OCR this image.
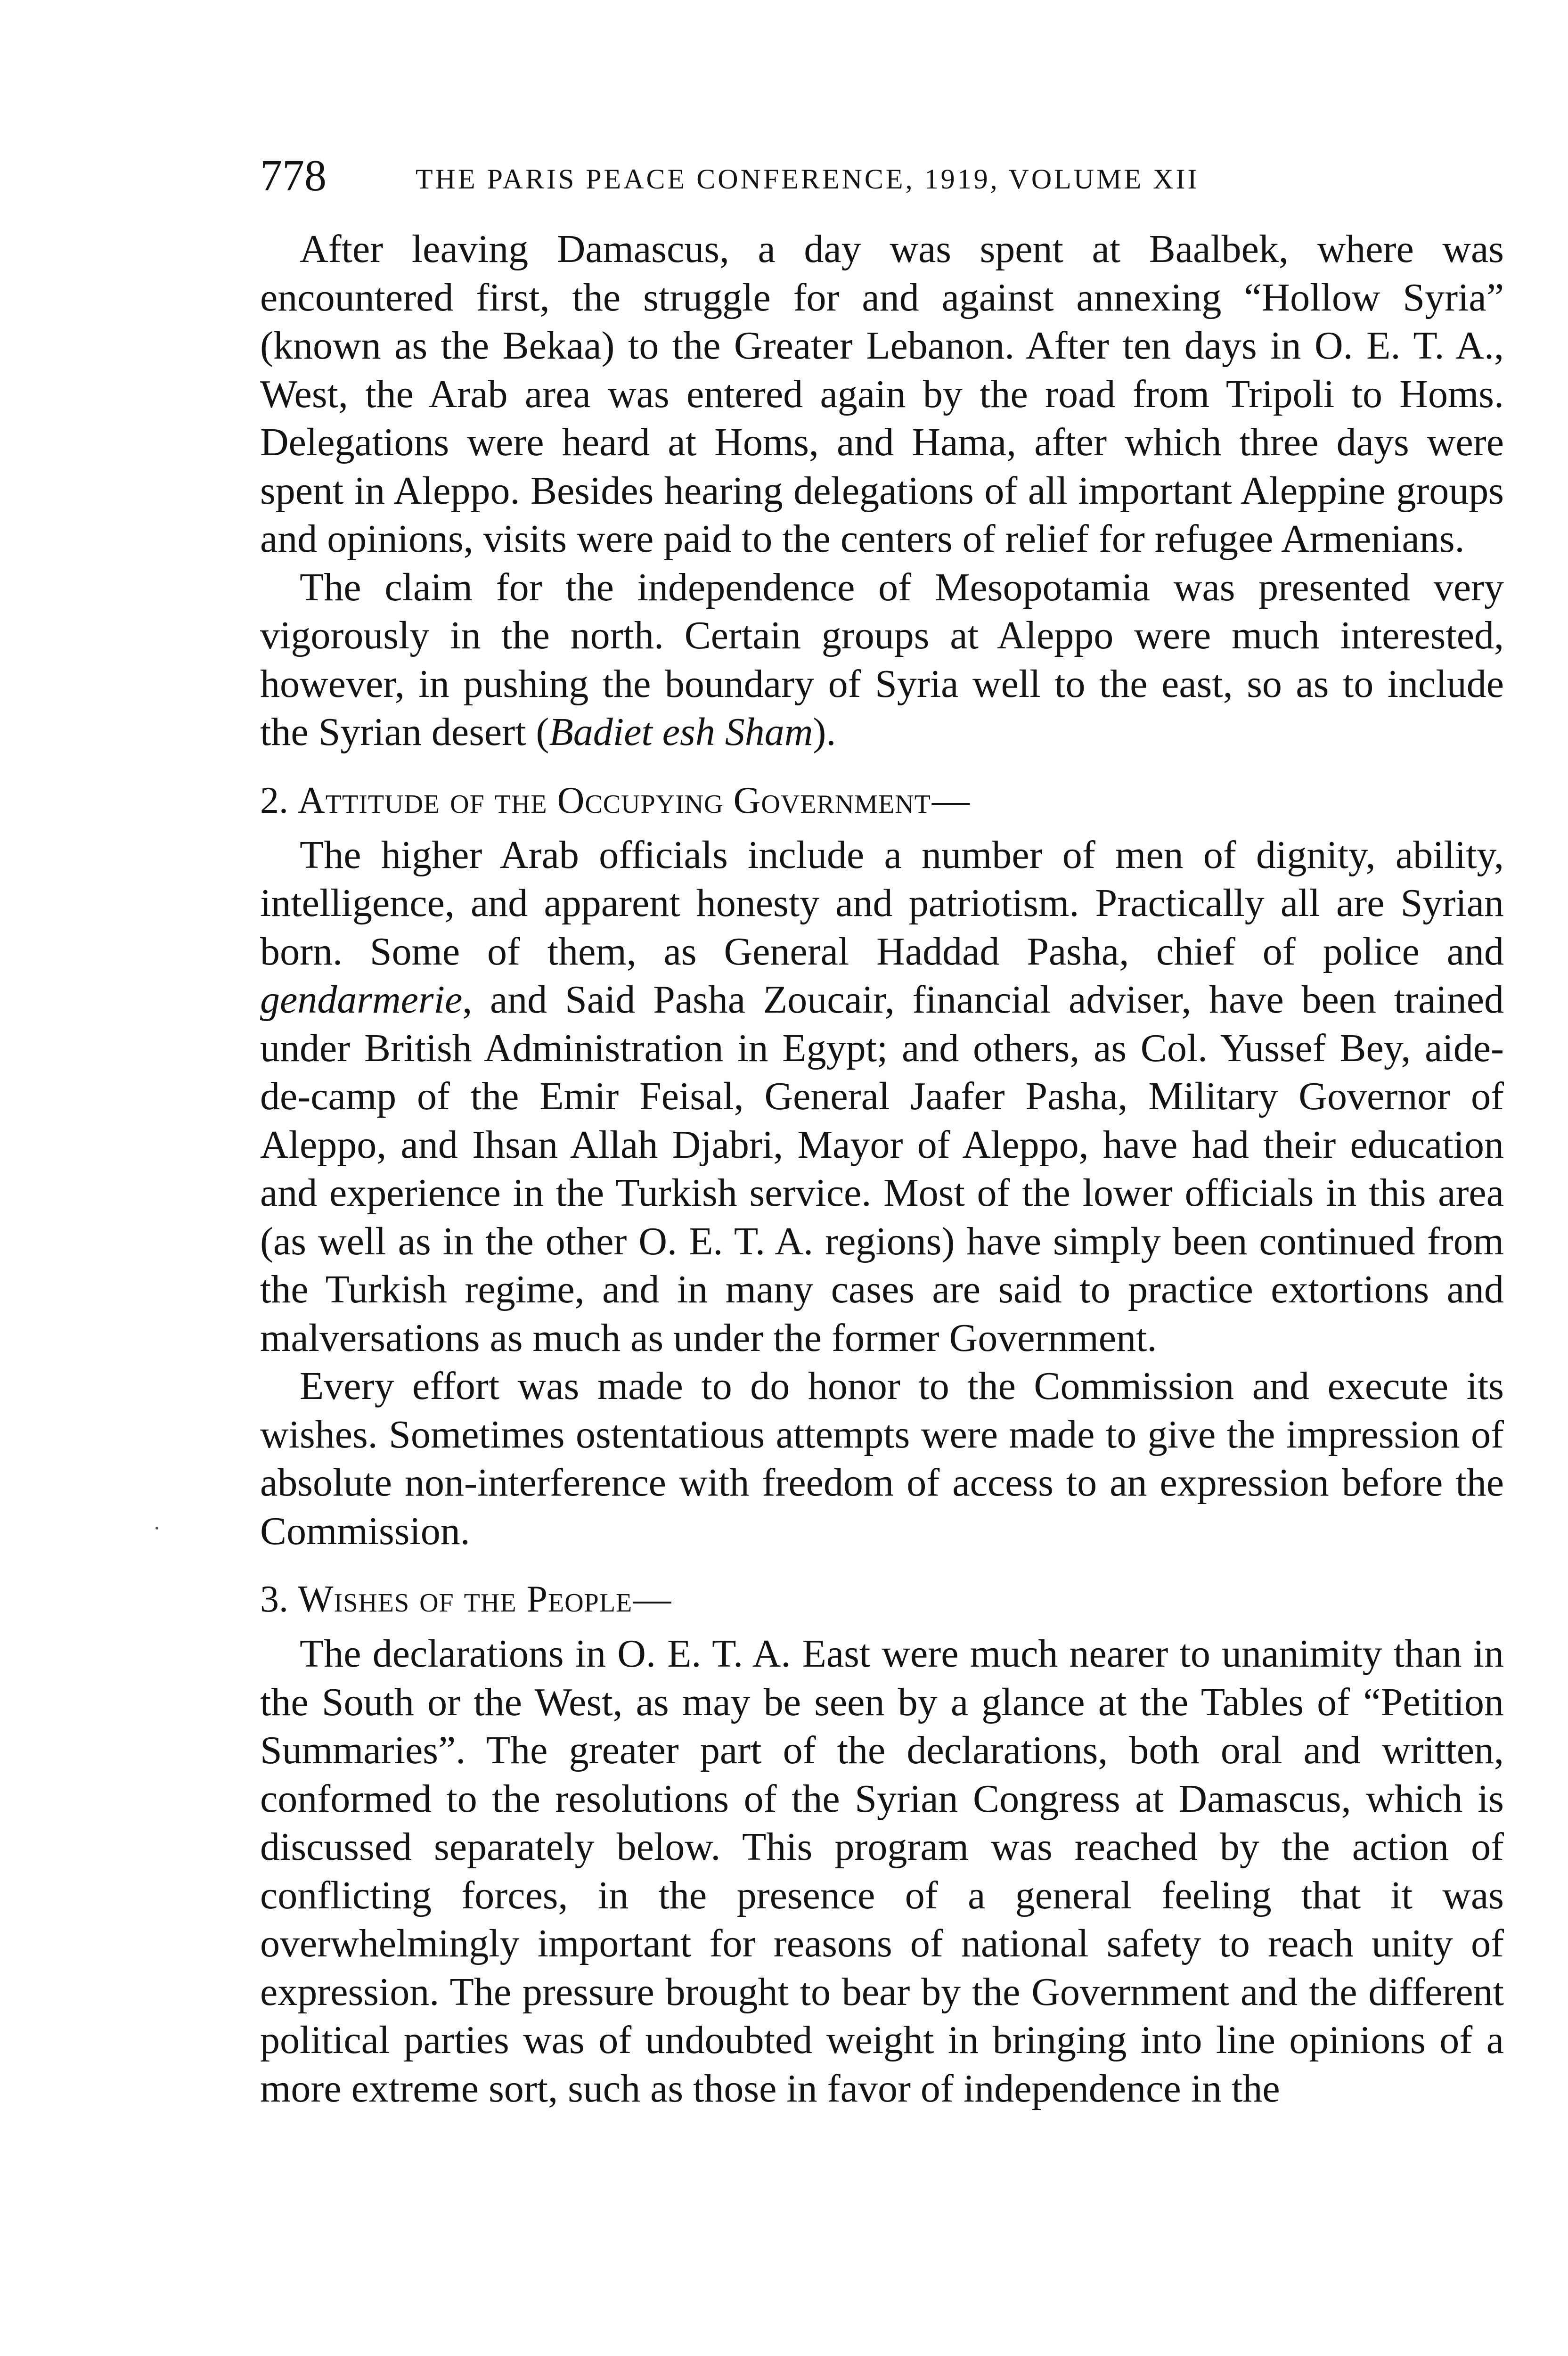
778	THE PARIS PEACE CONFERENCE, 1919, VOLUME XII

After leaving Damascus, a day was spent at Baalbek, where was encountered first, the struggle for and against annexing “Hollow Syria” (known as the Bekaa) to the Greater Lebanon. After ten days in O. E. T. A., West, the Arab area was entered again by the road from Tripoli to Homs. Delegations were heard at Homs, and Hama, after which three days were spent in Aleppo. Besides hearing delegations of all important Aleppine groups and opinions, visits were paid to the centers of relief for refugee Armenians.

The claim for the independence of Mesopotamia was presented very vigorously in the north. Certain groups at Aleppo were much interested, however, in pushing the boundary of Syria well to the east, so as to include the Syrian desert (Badiet esh Sham).

2. Attitude of the Occupying Government—

The higher Arab officials include a number of men of dignity, ability, intelligence, and apparent honesty and patriotism. Practically all are Syrian born. Some of them, as General Haddad Pasha, chief of police and gendarmerie, and Said Pasha Zoucair, financial adviser, have been trained under British Administration in Egypt; and others, as Col. Yussef Bey, aide-de-camp of the Emir Feisal, General Jaafer Pasha, Military Governor of Aleppo, and Ihsan Allah Djabri, Mayor of Aleppo, have had their education and experience in the Turkish service. Most of the lower officials in this area (as well as in the other O. E. T. A. regions) have simply been continued from the Turkish regime, and in many cases are said to practice extortions and malversations as much as under the former Government.

Every effort was made to do honor to the Commission and execute its wishes. Sometimes ostentatious attempts were made to give the impression of absolute non-interference with freedom of access to an expression before the Commission.

3. Wishes of the People—

The declarations in O. E. T. A. East were much nearer to unanimity than in the South or the West, as may be seen by a glance at the Tables of “Petition Summaries”. The greater part of the declarations, both oral and written, conformed to the resolutions of the Syrian Congress at Damascus, which is discussed separately below. This program was reached by the action of conflicting forces, in the presence of a general feeling that it was overwhelmingly important for reasons of national safety to reach unity of expression. The pressure brought to bear by the Government and the different political parties was of undoubted weight in bringing into line opinions of a more extreme sort, such as those in favor of independence in the
